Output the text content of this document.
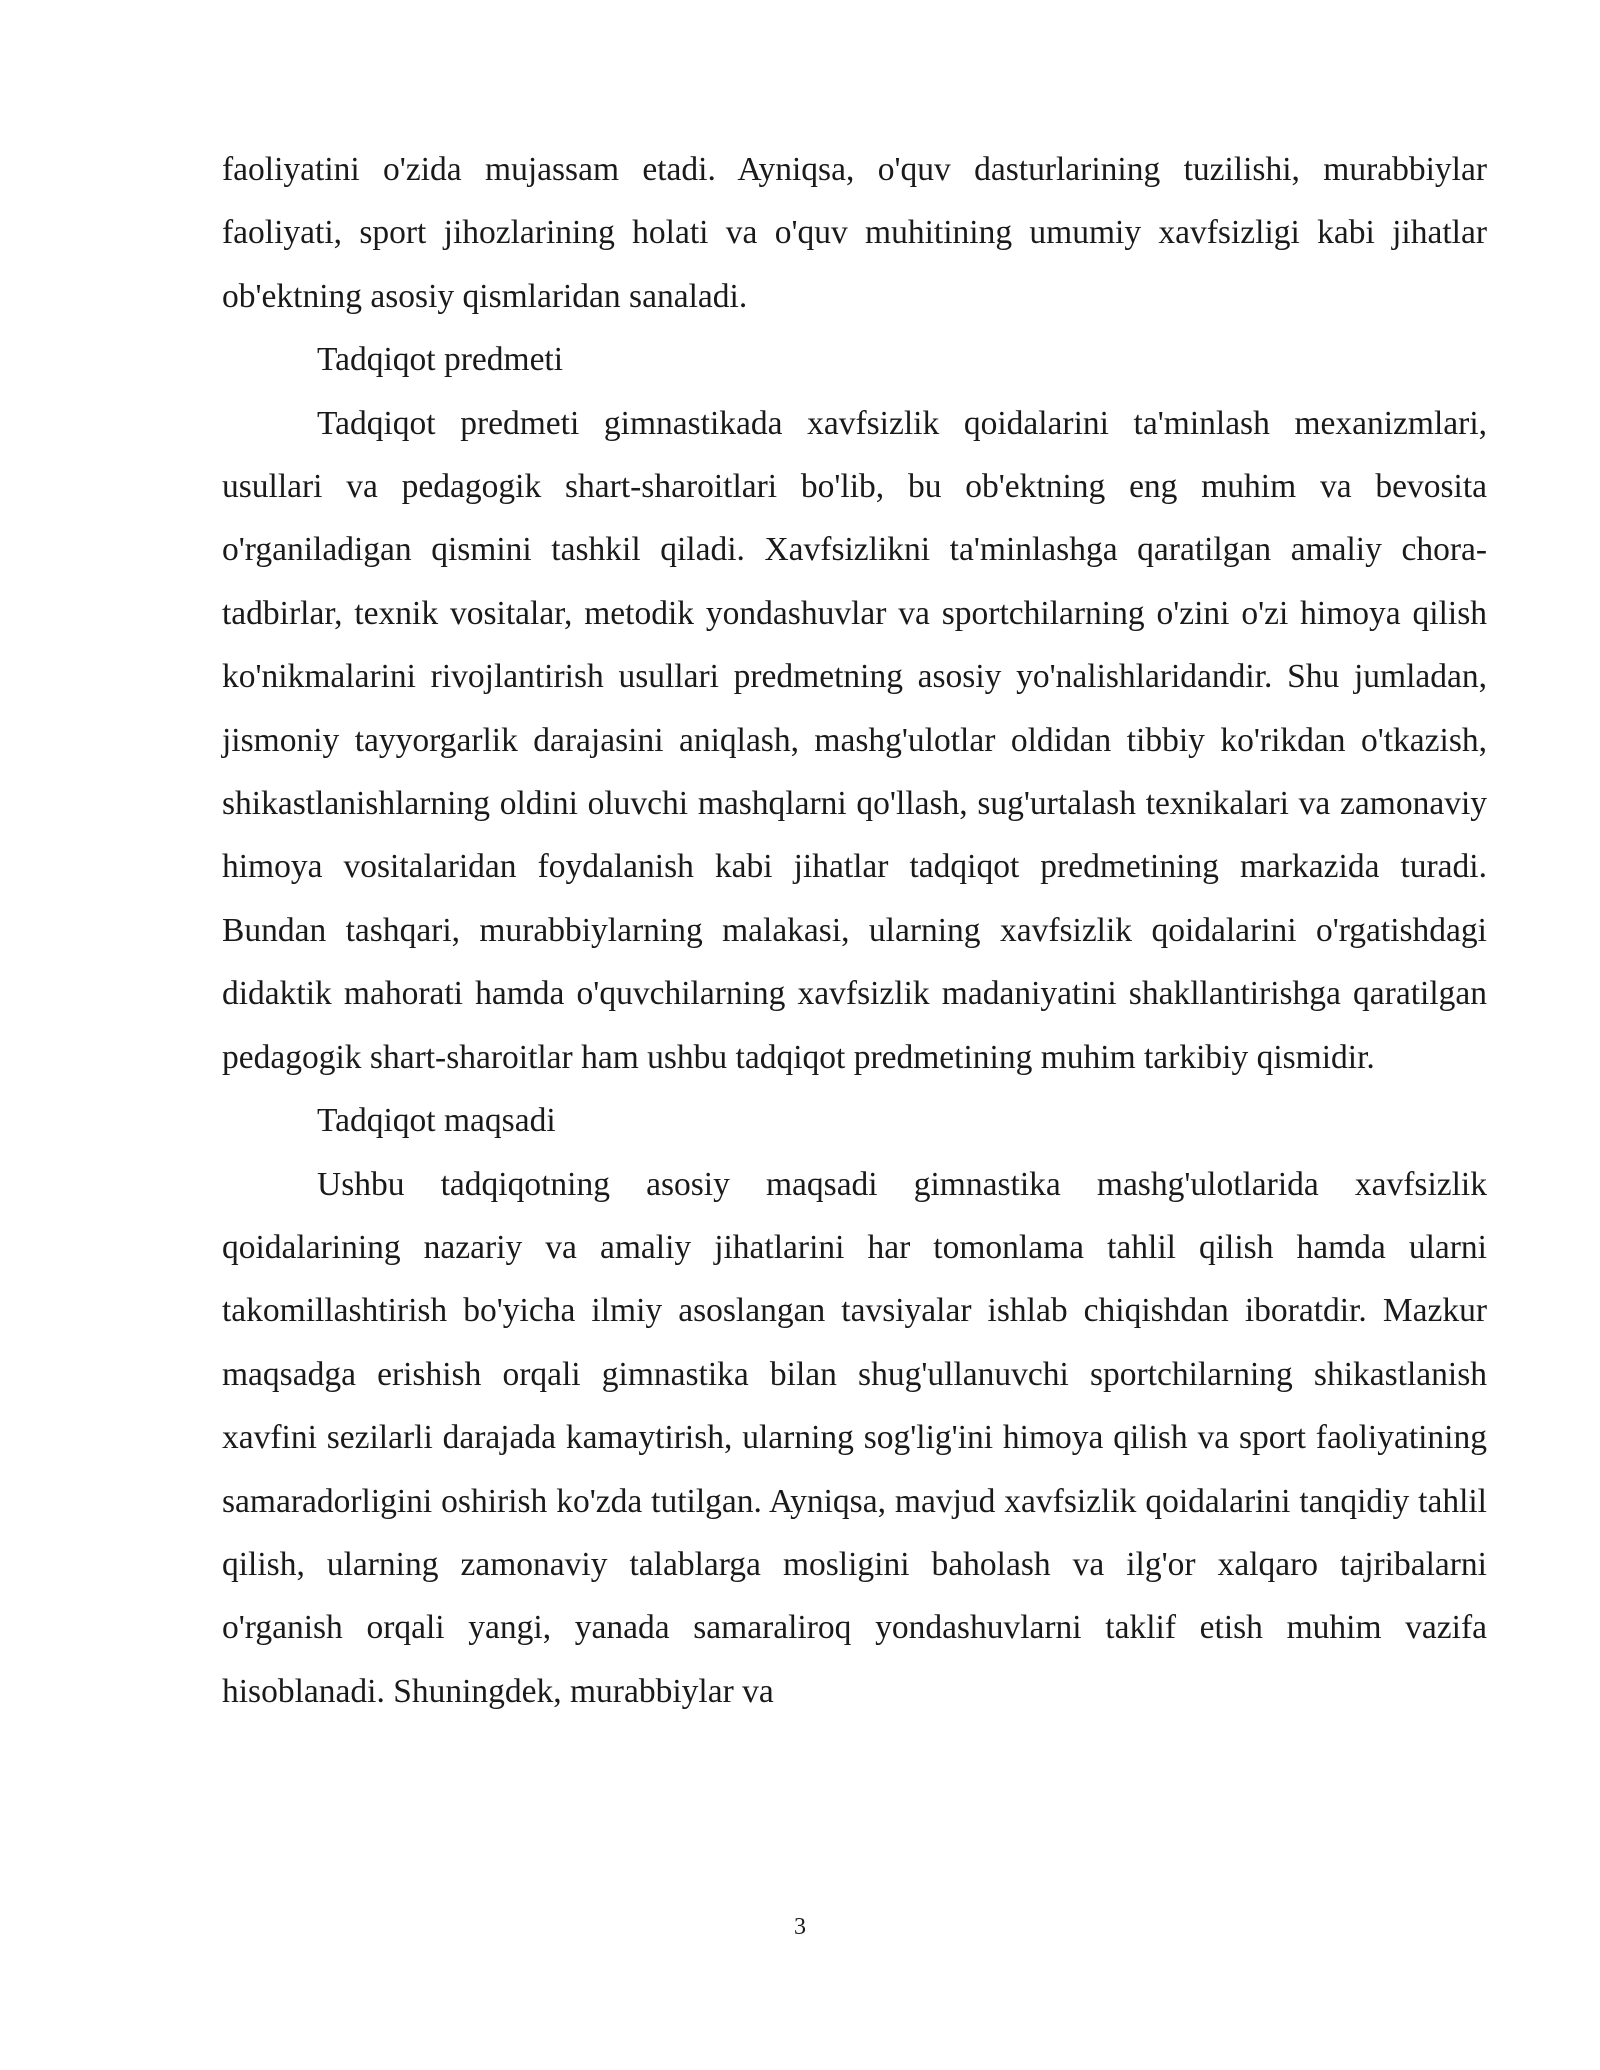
faoliyatini o'zida mujassam etadi. Ayniqsa, o'quv dasturlarining tuzilishi, murabbiylar faoliyati, sport jihozlarining holati va o'quv muhitining umumiy xavfsizligi kabi jihatlar ob'ektning asosiy qismlaridan sanaladi.

Tadqiqot predmeti

Tadqiqot predmeti gimnastikada xavfsizlik qoidalarini ta'minlash mexanizmlari, usullari va pedagogik shart-sharoitlari bo'lib, bu ob'ektning eng muhim va bevosita o'rganiladigan qismini tashkil qiladi. Xavfsizlikni ta'minlashga qaratilgan amaliy chora-tadbirlar, texnik vositalar, metodik yondashuvlar va sportchilarning o'zini o'zi himoya qilish ko'nikmalarini rivojlantirish usullari predmetning asosiy yo'nalishlaridandir. Shu jumladan, jismoniy tayyorgarlik darajasini aniqlash, mashg'ulotlar oldidan tibbiy ko'rikdan o'tkazish, shikastlanishlarning oldini oluvchi mashqlarni qo'llash, sug'urtalash texnikalari va zamonaviy himoya vositalaridan foydalanish kabi jihatlar tadqiqot predmetining markazida turadi. Bundan tashqari, murabbiylarning malakasi, ularning xavfsizlik qoidalarini o'rgatishdagi didaktik mahorati hamda o'quvchilarning xavfsizlik madaniyatini shakllantirishga qaratilgan pedagogik shart-sharoitlar ham ushbu tadqiqot predmetining muhim tarkibiy qismidir.

Tadqiqot maqsadi

Ushbu tadqiqotning asosiy maqsadi gimnastika mashg'ulotlarida xavfsizlik qoidalarining nazariy va amaliy jihatlarini har tomonlama tahlil qilish hamda ularni takomillashtirish bo'yicha ilmiy asoslangan tavsiyalar ishlab chiqishdan iboratdir. Mazkur maqsadga erishish orqali gimnastika bilan shug'ullanuvchi sportchilarning shikastlanish xavfini sezilarli darajada kamaytirish, ularning sog'lig'ini himoya qilish va sport faoliyatining samaradorligini oshirish ko'zda tutilgan. Ayniqsa, mavjud xavfsizlik qoidalarini tanqidiy tahlil qilish, ularning zamonaviy talablarga mosligini baholash va ilg'or xalqaro tajribalarni o'rganish orqali yangi, yanada samaraliroq yondashuvlarni taklif etish muhim vazifa hisoblanadi. Shuningdek, murabbiylar va

3
